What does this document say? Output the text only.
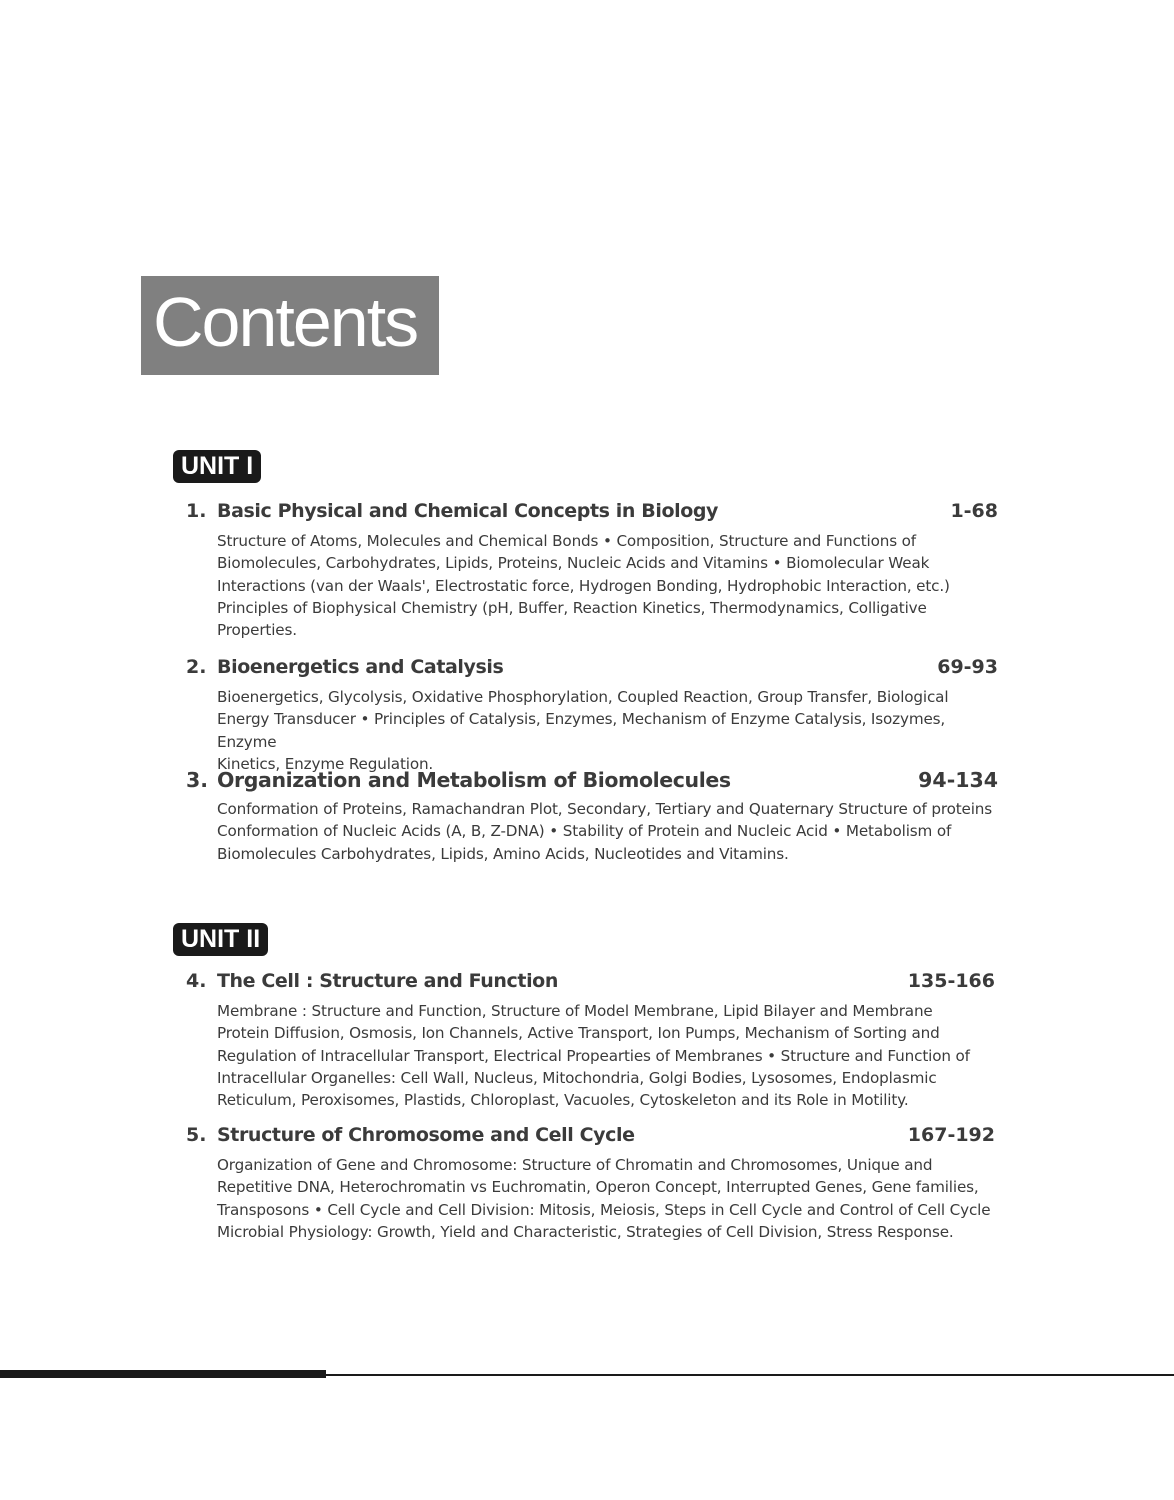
Contents
UNIT I
1. Basic Physical and Chemical Concepts in Biology	1-68
Structure of Atoms, Molecules and Chemical Bonds • Composition, Structure and Functions of
Biomolecules, Carbohydrates, Lipids, Proteins, Nucleic Acids and Vitamins • Biomolecular Weak
Interactions (van der Waals', Electrostatic force, Hydrogen Bonding, Hydrophobic Interaction, etc.)
Principles of Biophysical Chemistry (pH, Buffer, Reaction Kinetics, Thermodynamics, Colligative
Properties.
2. Bioenergetics and Catalysis	69-93
Bioenergetics, Glycolysis, Oxidative Phosphorylation, Coupled Reaction, Group Transfer, Biological
Energy Transducer • Principles of Catalysis, Enzymes, Mechanism of Enzyme Catalysis, Isozymes, Enzyme
Kinetics, Enzyme Regulation.
3. Organization and Metabolism of Biomolecules	94-134
Conformation of Proteins, Ramachandran Plot, Secondary, Tertiary and Quaternary Structure of proteins
Conformation of Nucleic Acids (A, B, Z-DNA) • Stability of Protein and Nucleic Acid • Metabolism of
Biomolecules Carbohydrates, Lipids, Amino Acids, Nucleotides and Vitamins.
UNIT II
4. The Cell : Structure and Function	135-166
Membrane : Structure and Function, Structure of Model Membrane, Lipid Bilayer and Membrane
Protein Diffusion, Osmosis, Ion Channels, Active Transport, Ion Pumps, Mechanism of Sorting and
Regulation of Intracellular Transport, Electrical Propearties of Membranes • Structure and Function of
Intracellular Organelles: Cell Wall, Nucleus, Mitochondria, Golgi Bodies, Lysosomes, Endoplasmic
Reticulum, Peroxisomes, Plastids, Chloroplast, Vacuoles, Cytoskeleton and its Role in Motility.
5. Structure of Chromosome and Cell Cycle	167-192
Organization of Gene and Chromosome: Structure of Chromatin and Chromosomes, Unique and
Repetitive DNA, Heterochromatin vs Euchromatin, Operon Concept, Interrupted Genes, Gene families,
Transposons • Cell Cycle and Cell Division: Mitosis, Meiosis, Steps in Cell Cycle and Control of Cell Cycle
Microbial Physiology: Growth, Yield and Characteristic, Strategies of Cell Division, Stress Response.
